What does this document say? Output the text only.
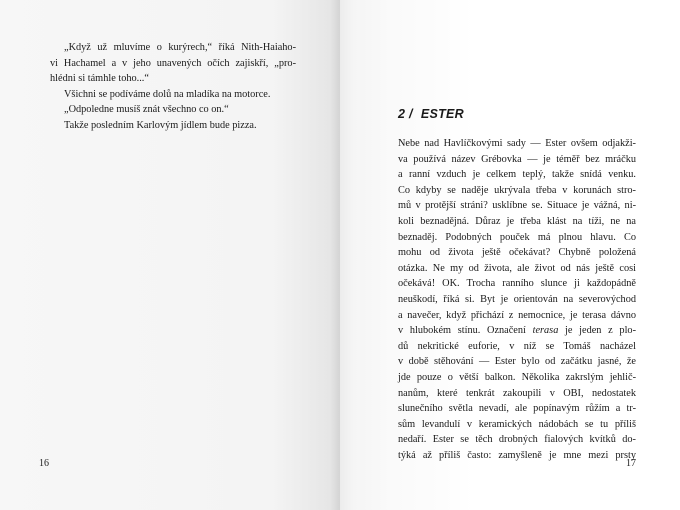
„Když už mluvíme o kurýrech,“ říká Nith-Haiaho-
vi Hachamel a v jeho unavených očích zajiskří, „pro-
hlédni si támhle toho...“
Všichni se podíváme dolů na mladíka na motorce.
„Odpoledne musíš znát všechno co on.“
Takže posledním Karlovým jídlem bude pizza.
16
2 / ESTER
Nebe nad Havlíčkovými sady — Ester ovšem odjakži-
va používá název Grébovka — je téměř bez mráčku
a ranní vzduch je celkem teplý, takže snídá venku.
Co kdyby se naděje ukrývala třeba v korunách stro-
mů v protější stráni? usklíbne se. Situace je vážná, ni-
koli beznadějná. Důraz je třeba klást na tíži, ne na
beznaděj. Podobných pouček má plnou hlavu. Co
mohu od života ještě očekávat? Chybně položená
otázka. Ne my od života, ale život od nás ještě cosi
očekává! OK. Trocha ranního slunce ji každopádně
neuškodí, říká si. Byt je orientován na severovýchod
a navečer, když přichází z nemocnice, je terasa dávno
v hlubokém stínu. Označení terasa je jeden z plo-
dů nekritické euforie, v níž se Tomáš nacházel
v době stěhování — Ester bylo od začátku jasné, že
jde pouze o větší balkon. Několika zakrslým jehlič-
nanům, které tenkrát zakoupili v OBI, nedostatek
slunečního světla nevadí, ale popínavým růžím a tr-
sům levandulí v keramických nádobách se tu příliš
nedaří. Ester se těch drobných fialových kvítků do-
týká až příliš často: zamyšleně je mne mezi prsty
17
